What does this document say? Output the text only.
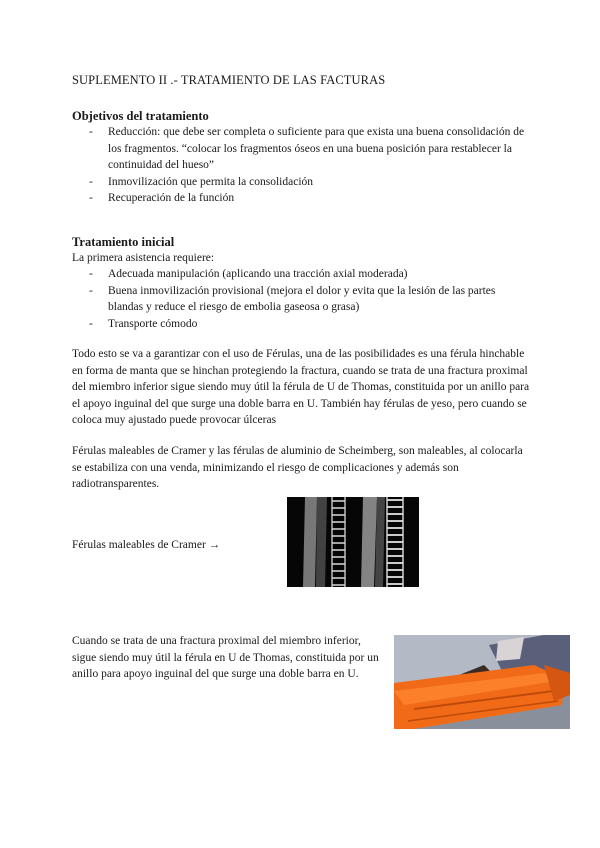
SUPLEMENTO II .- TRATAMIENTO DE LAS FACTURAS
Objetivos del tratamiento
- Reducción: que debe ser completa o suficiente para que exista una buena consolidación de los fragmentos. “colocar los fragmentos óseos en una buena posición para restablecer la continuidad del hueso”
- Inmovilización que permita la consolidación
- Recuperación de la función
Tratamiento inicial
La primera asistencia requiere:
- Adecuada manipulación (aplicando una tracción axial moderada)
- Buena inmovilización provisional (mejora el dolor y evita que la lesión de las partes blandas y reduce el riesgo de embolia gaseosa o grasa)
- Transporte cómodo
Todo esto se va a garantizar con el uso de Férulas, una de las posibilidades es una férula hinchable en forma de manta que se hinchan protegiendo la fractura, cuando se trata de una fractura proximal del miembro inferior sigue siendo muy útil la férula de U de Thomas, constituida por un anillo para el apoyo inguinal del que surge una doble barra en U. También hay férulas de yeso, pero cuando se coloca muy ajustado puede provocar úlceras
Férulas maleables de Cramer y las férulas de aluminio de Scheimberg, son maleables, al colocarla se estabiliza con una venda, minimizando el riesgo de complicaciones y además son radiotransparentes.
Férulas maleables de Cramer →
Cuando se trata de una fractura proximal del miembro inferior, sigue siendo muy útil la férula en U de Thomas, constituida por un anillo para apoyo inguinal del que surge una doble barra en U.
